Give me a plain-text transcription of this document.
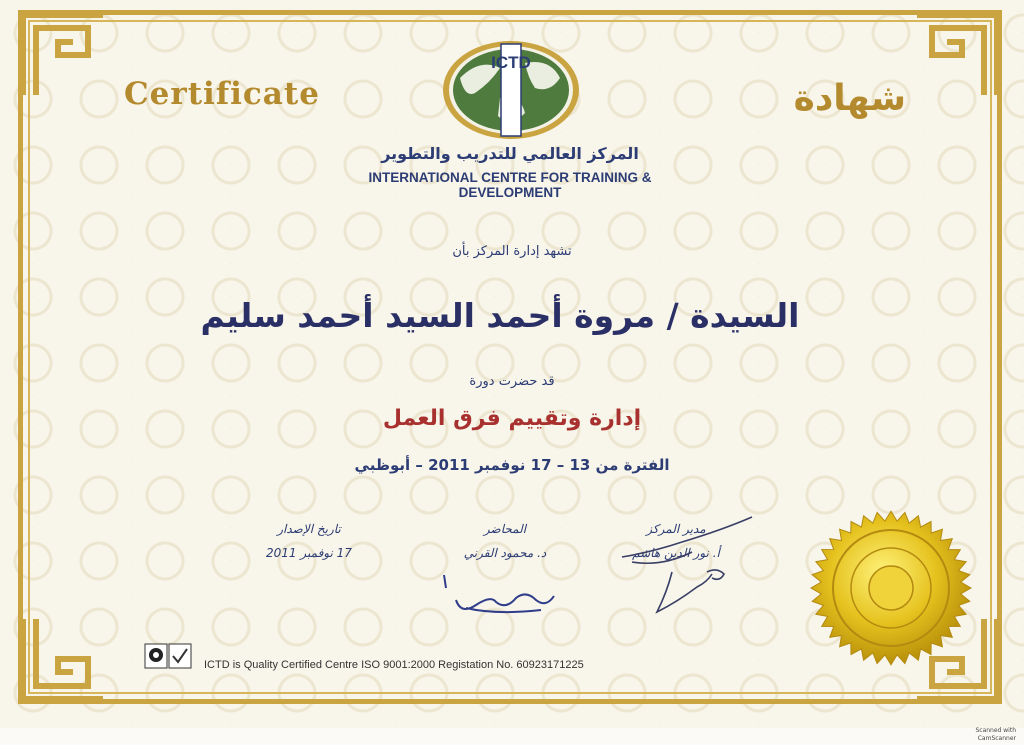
Certificate	شهادة
ICTD
المركز العالمي للتدريب والتطوير
INTERNATIONAL CENTRE FOR TRAINING & DEVELOPMENT
تشهد إدارة المركز بأن
السيدة / مروة أحمد السيد أحمد سليم
قد حضرت دورة
إدارة وتقييم فرق العمل
الفترة من 13 – 17 نوفمبر 2011 – أبوظبي
تاريخ الإصدار
17 نوفمبر 2011
المحاضر
د. محمود القرني
مدير المركز
أ. نور الدين هاشم
ICTD is Quality Certified Centre ISO 9001:2000 Registation No. 60923171225
Scanned with
CamScanner
